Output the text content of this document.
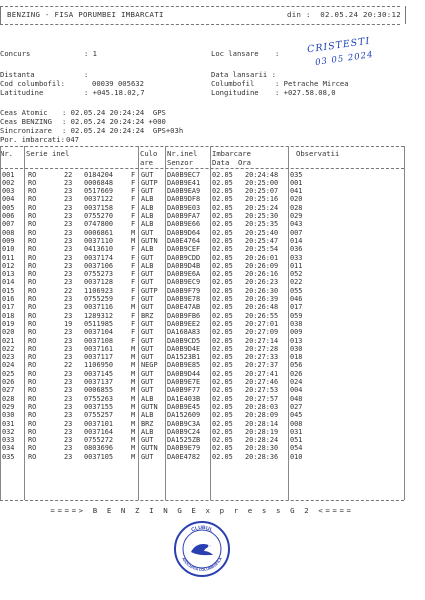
BENZING - FISA PORUMBEI IMBARCATI	din : 02.05.24 20:30:12
Concurs	: 1	Loc lansare :	CRISTESTI
03 05 2024
Distanta	:	Data lansarii :
Cod columbofil:	00039 005632	Columbofil	: Petrache Mircea
Latitudine	: +045.18.02,7	Longitudine : +027.58.08,0
Ceas Atomic : 02.05.24 20:24:24  GPS
Ceas BENZING : 02.05.24 20:24:24 +000
Sincronizare : 02.05.24 20:24:24  GPS+03h
Por. imbarcati: 047
Nr. Serie inel	Culo
are
Nr.inel
Senzor
Imbarcare
Data  Ora
Observatii
001 RO	22 0184204	F GUT DA0B9EC7 02.05 20:24:48 035
002 RO	23 0006848	F GUTP DA0B9E41 02.05 20:25:00 001
003 RO	23 0517669	F GUT DA0B9EA9 02.05 20:25:07 041
004 RO	23 0037122	F ALB DA0B9DF8 02.05 20:25:16 020
005 RO	23 0037158	F ALB DA0B9E03 02.05 20:25:24 028
006 RO	23 0755270	F ALB DA0B9FA7 02.05 20:25:30 029
007 RO	23 0747800	F ALB DA0B9E66 02.05 20:25:35 043
008 RO	23 0006861	M GUT DA0B9D64 02.05 20:25:40 007
009 RO	23 0037110	M GUTN DA0E4764 02.05 20:25:47 014
010 RO	23 0413610	F ALB DA0B9CEF 02.05 20:25:54 036
011 RO	23 0037174	F GUT DA0B9CDD 02.05 20:26:01 033
012 RO	23 0037106	F ALB DA0B9D4B 02.05 20:26:09 011
013 RO	23 0755273	F GUT DA0B9E6A 02.05 20:26:16 052
014 RO	23 0037128	F GUT DA0B9EC9 02.05 20:26:23 022
015 RO	22 1106923	F GUTP DA0B9F79 02.05 20:26:30 055
016 RO	23 0755259	F GUT DA0B9E78 02.05 20:26:39 046
017 RO	23 0037116	M GUT DA0E47AB 02.05 20:26:48 017
018 RO	23 1289312	F BRZ DA0B9FB6 02.05 20:26:55 059
019 RO	19 0511985	F GUT DA0B9EE2 02.05 20:27:01 038
020 RO	23 0037104	F GUT DA168A83 02.05 20:27:09 009
021 RO	23 0037108	F GUT DA0B9CD5 02.05 20:27:14 013
022 RO	23 0037161	M GUT DA0B9D4E 02.05 20:27:28 030
023 RO	23 0037117	M GUT DA1523B1 02.05 20:27:33 018
024 RO	22 1106950	M NEGP DA0B9E85 02.05 20:27:37 056
025 RO	23 0037145	M GUT DA0B9D44 02.05 20:27:41 026
026 RO	23 0037137	M GUT DA0B9E7E 02.05 20:27:46 024
027 RO	23 0006855	M GUT DA0B9F77 02.05 20:27:53 004
028 RO	23 0755263	M ALB DA1E403B 02.05 20:27:57 048
029 RO	23 0037155	M GUTN DA0B9E45 02.05 20:28:03 027
030 RO	23 0755257	M ALB DA152609 02.05 20:28:09 045
031 RO	23 0037101	M BRZ DA0B9C3A 02.05 20:28:14 008
032 RO	23 0037164	M ALB DA0B9C24 02.05 20:28:19 031
033 RO	23 0755272	M GUT DA1525ZB 02.05 20:28:24 051
034 RO	23 0803696	M GUTN DA0B9E79 02.05 20:28:30 054
035 RO	23 0037105	M GUT DA0E4782 02.05 20:28:36 010
====> B E N Z I N G E x p r e s s G 2 <====
CLUBUL
ASOCIATIA COLUMBOFILA
